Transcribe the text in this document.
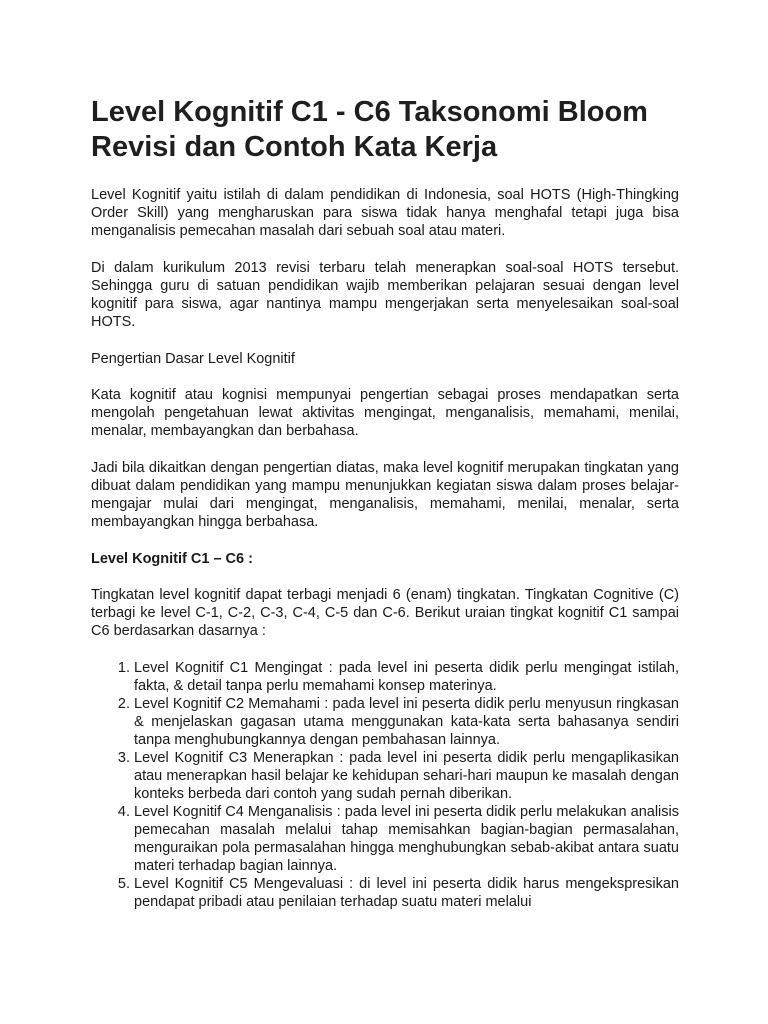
Level Kognitif C1 - C6 Taksonomi Bloom Revisi dan Contoh Kata Kerja

Level Kognitif yaitu istilah di dalam pendidikan di Indonesia, soal HOTS (High-Thingking Order Skill) yang mengharuskan para siswa tidak hanya menghafal tetapi juga bisa menganalisis pemecahan masalah dari sebuah soal atau materi.

Di dalam kurikulum 2013 revisi terbaru telah menerapkan soal-soal HOTS tersebut. Sehingga guru di satuan pendidikan wajib memberikan pelajaran sesuai dengan level kognitif para siswa, agar nantinya mampu mengerjakan serta menyelesaikan soal-soal HOTS.

Pengertian Dasar Level Kognitif

Kata kognitif atau kognisi mempunyai pengertian sebagai proses mendapatkan serta mengolah pengetahuan lewat aktivitas mengingat, menganalisis, memahami, menilai, menalar, membayangkan dan berbahasa.

Jadi bila dikaitkan dengan pengertian diatas, maka level kognitif merupakan tingkatan yang dibuat dalam pendidikan yang mampu menunjukkan kegiatan siswa dalam proses belajar-mengajar mulai dari mengingat, menganalisis, memahami, menilai, menalar, serta membayangkan hingga berbahasa.

Level Kognitif C1 – C6 :

Tingkatan level kognitif dapat terbagi menjadi 6 (enam) tingkatan. Tingkatan Cognitive (C) terbagi ke level C-1, C-2, C-3, C-4, C-5 dan C-6. Berikut uraian tingkat kognitif C1 sampai C6 berdasarkan dasarnya :

1. Level Kognitif C1 Mengingat : pada level ini peserta didik perlu mengingat istilah, fakta, & detail tanpa perlu memahami konsep materinya.
2. Level Kognitif C2 Memahami : pada level ini peserta didik perlu menyusun ringkasan & menjelaskan gagasan utama menggunakan kata-kata serta bahasanya sendiri tanpa menghubungkannya dengan pembahasan lainnya.
3. Level Kognitif C3 Menerapkan : pada level ini peserta didik perlu mengaplikasikan atau menerapkan hasil belajar ke kehidupan sehari-hari maupun ke masalah dengan konteks berbeda dari contoh yang sudah pernah diberikan.
4. Level Kognitif C4 Menganalisis : pada level ini peserta didik perlu melakukan analisis pemecahan masalah melalui tahap memisahkan bagian-bagian permasalahan, menguraikan pola permasalahan hingga menghubungkan sebab-akibat antara suatu materi terhadap bagian lainnya.
5. Level Kognitif C5 Mengevaluasi : di level ini peserta didik harus mengekspresikan pendapat pribadi atau penilaian terhadap suatu materi melalui
